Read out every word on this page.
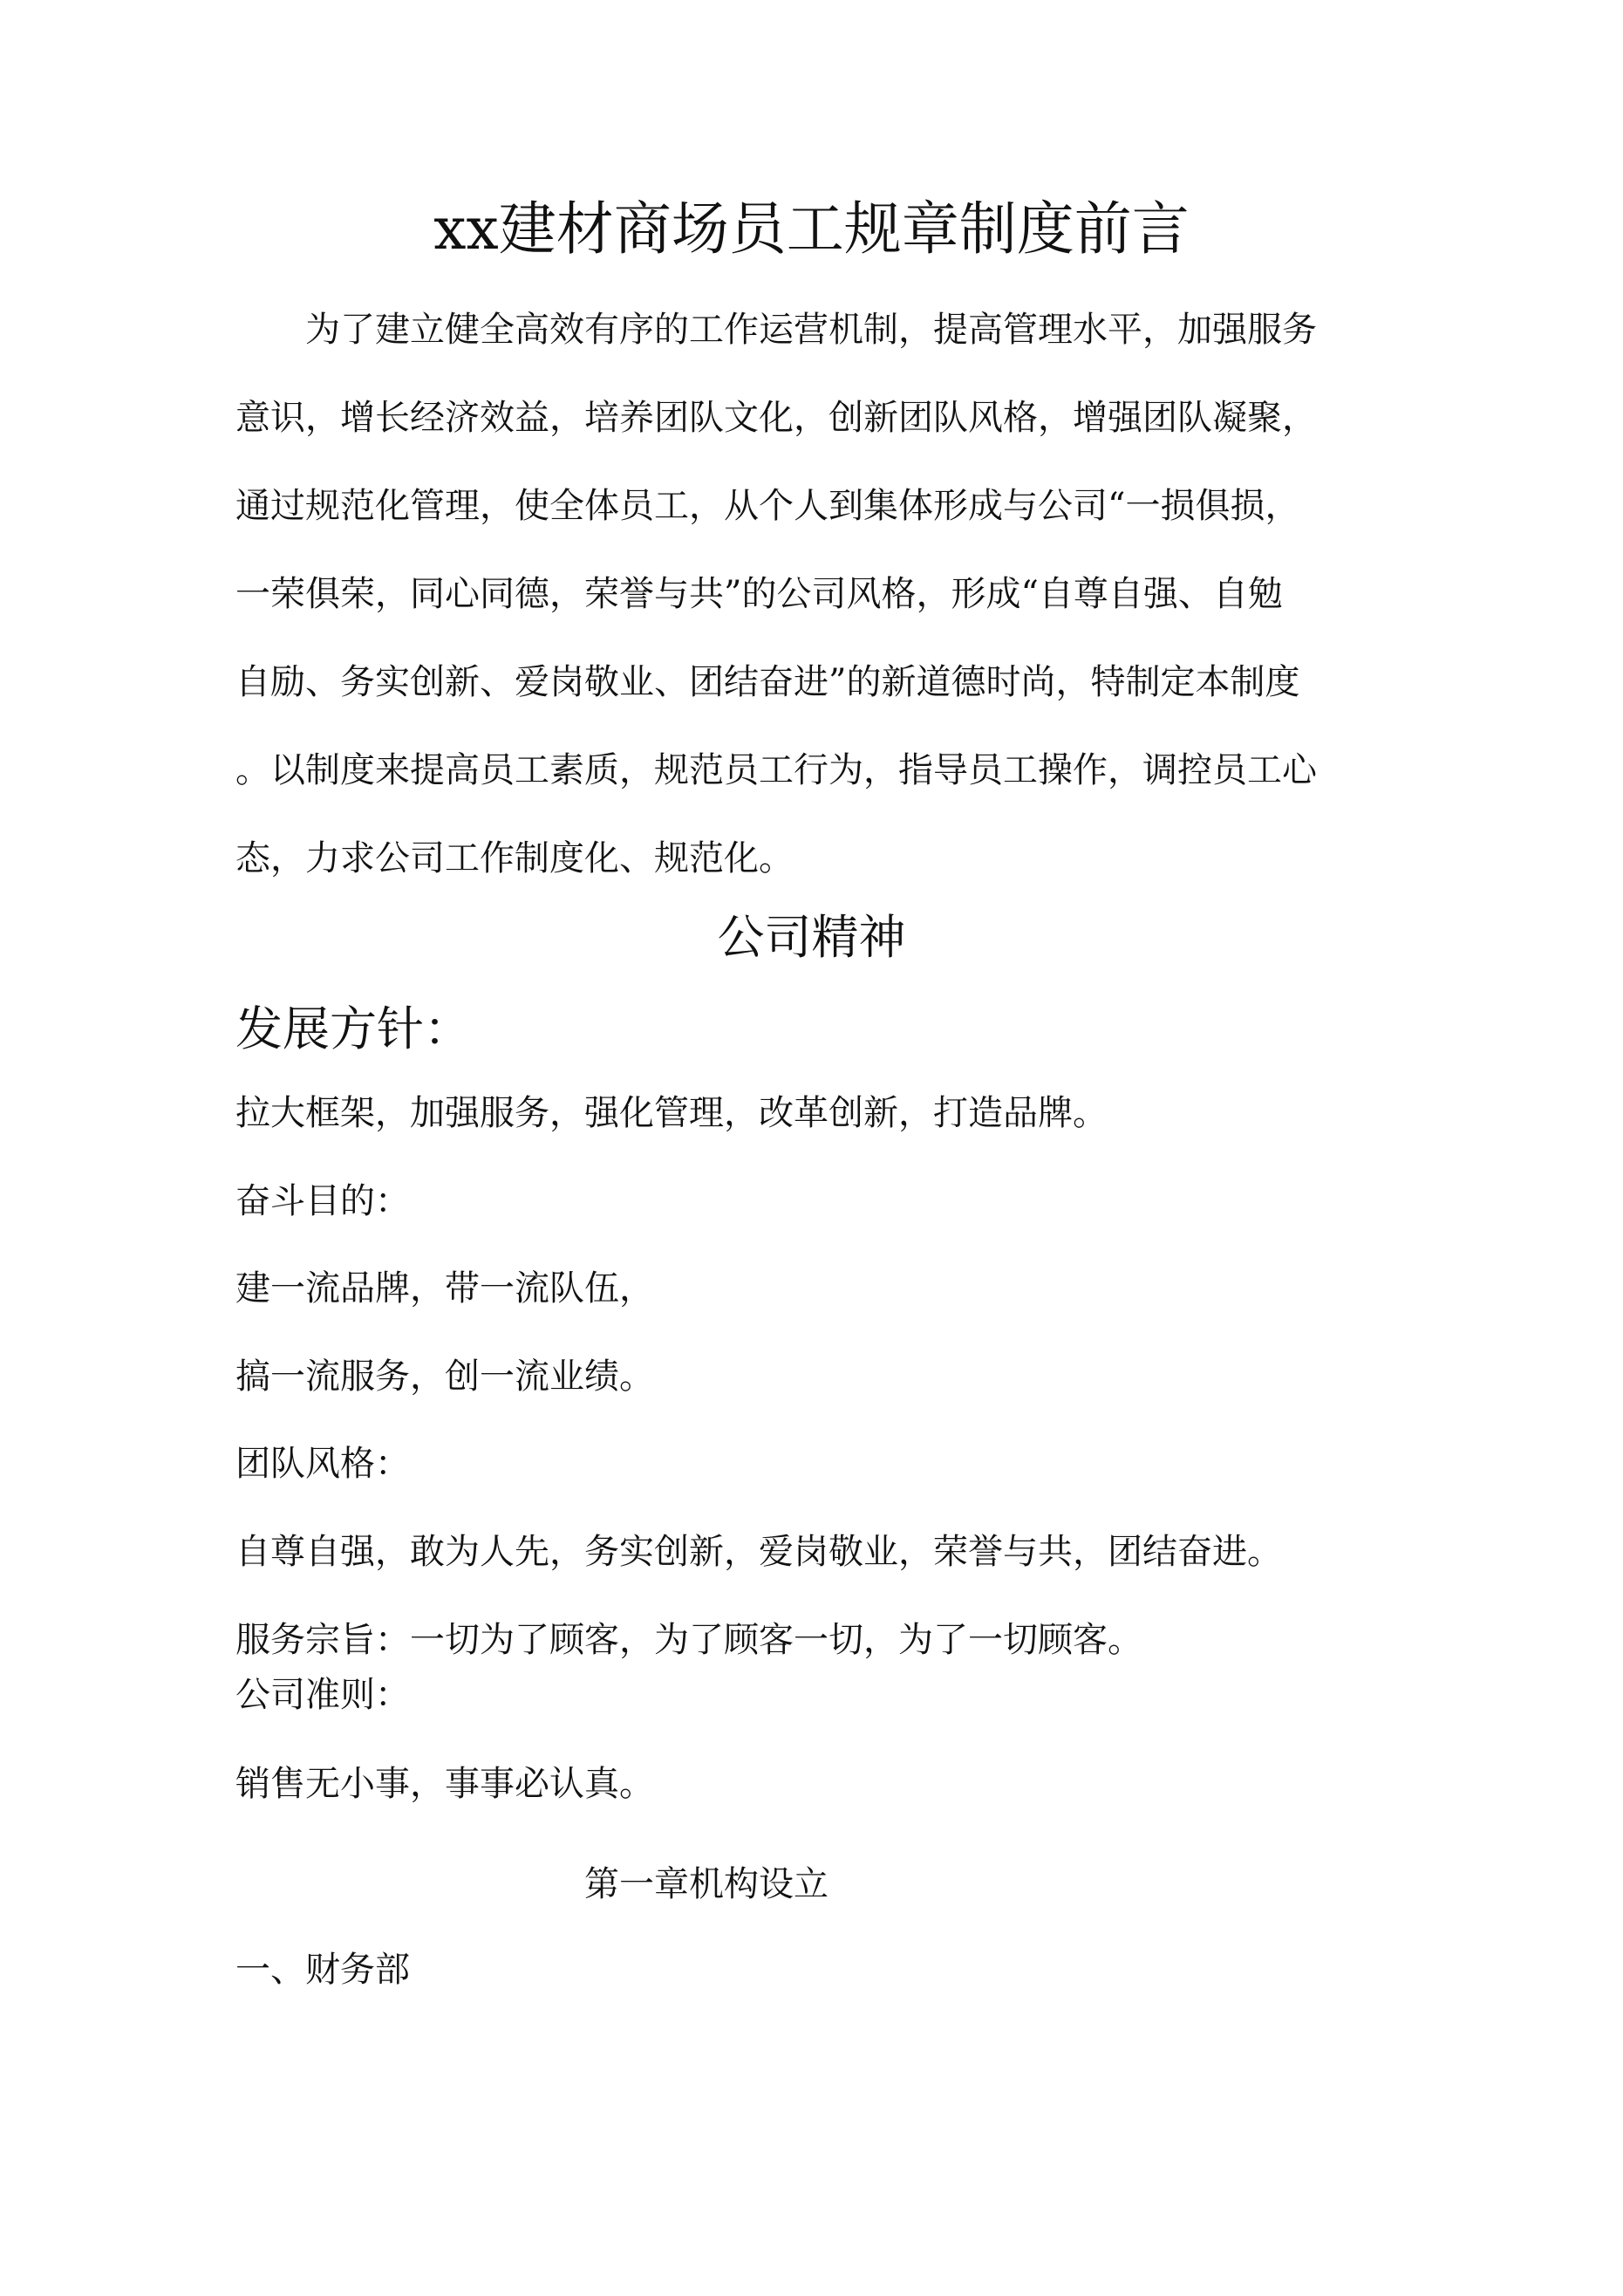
xx建材商场员工规章制度前言
为了建立健全高效有序的工作运营机制，提高管理水平，加强服务
意识，增长经济效益，培养团队文化，创新团队风格，增强团队凝聚，
通过规范化管理，使全体员工，从个人到集体形成与公司“一损俱损，
一荣俱荣，同心同德，荣誉与共”的公司风格，形成“自尊自强、自勉
自励、务实创新、爱岗敬业、团结奋进”的新道德时尚，特制定本制度
。以制度来提高员工素质，规范员工行为，指导员工操作，调控员工心
态，力求公司工作制度化、规范化。
公司精神
发展方针：
拉大框架，加强服务，强化管理，改革创新，打造品牌。
奋斗目的：
建一流品牌，带一流队伍，
搞一流服务，创一流业绩。
团队风格：
自尊自强，敢为人先，务实创新，爱岗敬业，荣誉与共，团结奋进。
服务宗旨：一切为了顾客，为了顾客一切，为了一切顾客。
公司准则：
销售无小事，事事必认真。
第一章机构设立
一、财务部
